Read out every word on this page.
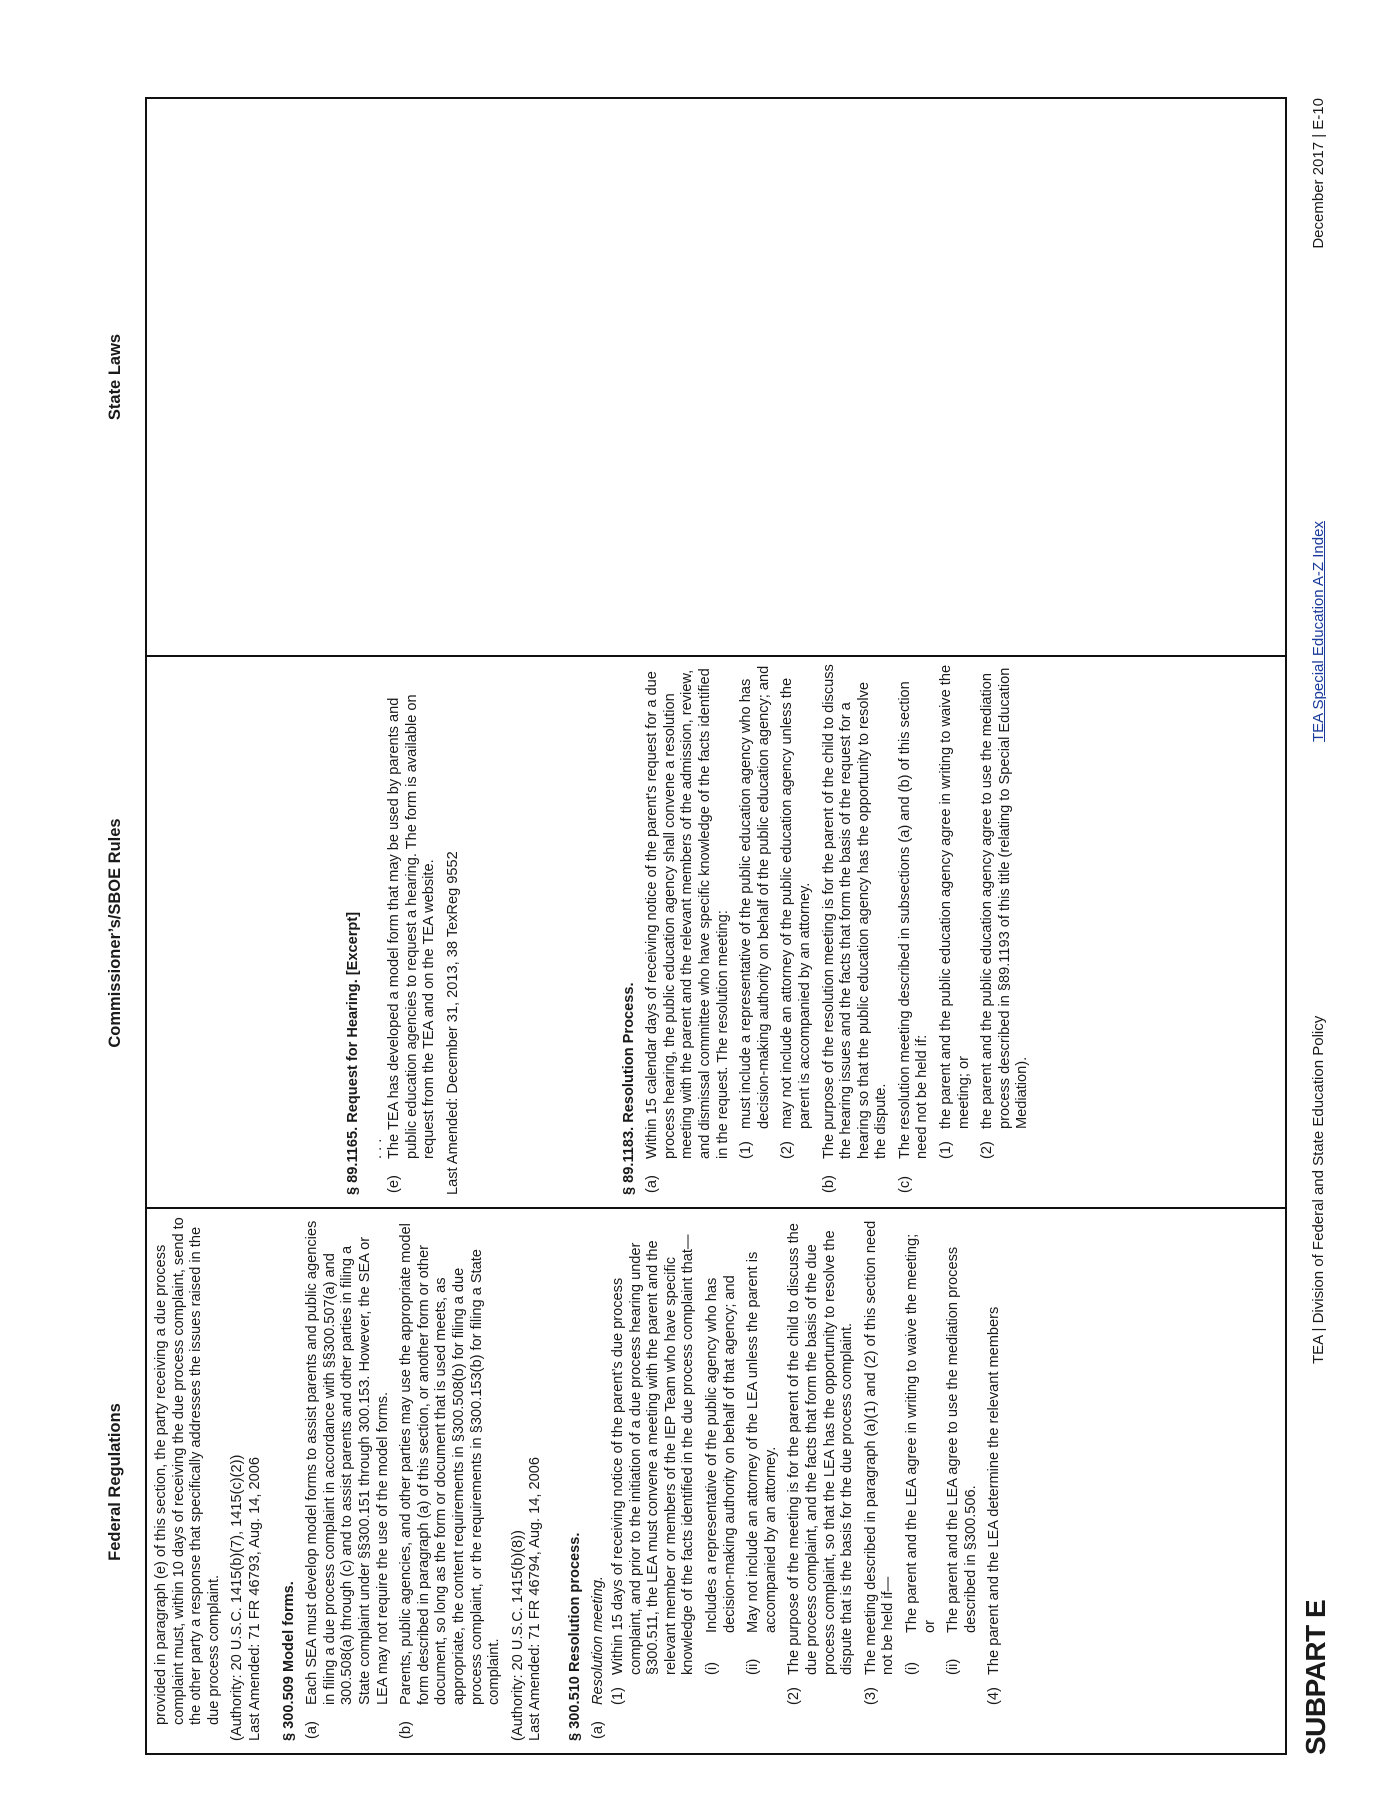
Federal Regulations
Commissioner’s/SBOE Rules
State Laws

provided in paragraph (e) of this section, the party receiving a due process complaint must, within 10 days of receiving the due process complaint, send to the other party a response that specifically addresses the issues raised in the due process complaint. (Authority: 20 U.S.C. 1415(b)(7), 1415(c)(2)) Last Amended: 71 FR 46793, Aug. 14, 2006 § 300.509 Model forms. (a)
Each SEA must develop model forms to assist parents and public agencies in filing a due process complaint in accordance with §§300.507(a) and 300.508(a) through (c) and to assist parents and other parties in filing a State complaint under §§300.151 through 300.153. However, the SEA or LEA may not require the use of the model forms.
(b)
Parents, public agencies, and other parties may use the appropriate model form described in paragraph (a) of this section, or another form or other document, so long as the form or document that is used meets, as appropriate, the content requirements in §300.508(b) for filing a due process complaint, or the requirements in §300.153(b) for filing a State complaint. (Authority: 20 U.S.C. 1415(b)(8)) Last Amended: 71 FR 46794, Aug. 14, 2006 § 300.510 Resolution process. (a)
Resolution meeting. (1)
Within 15 days of receiving notice of the parent’s due process complaint, and prior to the initiation of a due process hearing under §300.511, the LEA must convene a meeting with the parent and the relevant member or members of the IEP Team who have specific knowledge of the facts identified in the due process complaint that— (i)
Includes a representative of the public agency who has decision-making authority on behalf of that agency; and
(ii)
May not include an attorney of the LEA unless the parent is accompanied by an attorney.
(2)
The purpose of the meeting is for the parent of the child to discuss the due process complaint, and the facts that form the basis of the due process complaint, so that the LEA has the opportunity to resolve the dispute that is the basis for the due process complaint.
(3)
The meeting described in paragraph (a)(1) and (2) of this section need not be held if— (i)
The parent and the LEA agree in writing to waive the meeting; or
(ii)
The parent and the LEA agree to use the mediation process described in §300.506.
(4)
The parent and the LEA determine the relevant members

§ 89.1165. Request for Hearing. [Excerpt] . . .

(e)
The TEA has developed a model form that may be used by parents and public education agencies to request a hearing. The form is available on request from the TEA and on the TEA website. Last Amended: December 31, 2013, 38 TexReg 9552	§ 89.1183. Resolution Process. (a)
Within 15 calendar days of receiving notice of the parent's request for a due process hearing, the public education agency shall convene a resolution meeting with the parent and the relevant members of the admission, review, and dismissal committee who have specific knowledge of the facts identified in the request. The resolution meeting: (1)
must include a representative of the public education agency who has decision-making authority on behalf of the public education agency; and
(2)
may not include an attorney of the public education agency unless the parent is accompanied by an attorney.
(b)
The purpose of the resolution meeting is for the parent of the child to discuss the hearing issues and the facts that form the basis of the request for a hearing so that the public education agency has the opportunity to resolve the dispute.
(c)
The resolution meeting described in subsections (a) and (b) of this section need not be held if: (1)
the parent and the public education agency agree in writing to waive the meeting; or
(2)
the parent and the public education agency agree to use the mediation process described in §89.1193 of this title (relating to Special Education Mediation).
SUBPART E
TEA | Division of Federal and State Education Policy
TEA Special Education A-Z Index
December 2017 | E-10
